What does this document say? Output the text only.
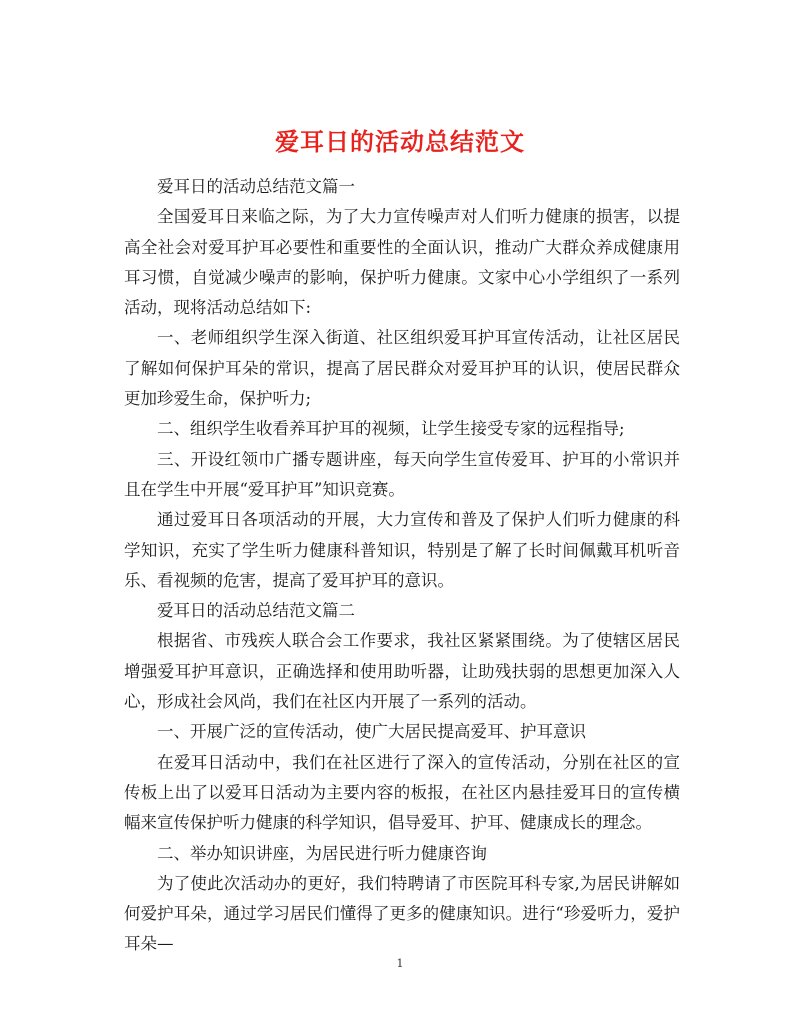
爱耳日的活动总结范文

爱耳日的活动总结范文篇一

全国爱耳日来临之际，为了大力宣传噪声对人们听力健康的损害，以提高全社会对爱耳护耳必要性和重要性的全面认识，推动广大群众养成健康用耳习惯，自觉减少噪声的影响，保护听力健康。文家中心小学组织了一系列活动，现将活动总结如下:

一、老师组织学生深入街道、社区组织爱耳护耳宣传活动，让社区居民了解如何保护耳朵的常识，提高了居民群众对爱耳护耳的认识，使居民群众更加珍爱生命，保护听力;

二、组织学生收看养耳护耳的视频，让学生接受专家的远程指导;

三、开设红领巾广播专题讲座，每天向学生宣传爱耳、护耳的小常识并且在学生中开展“爱耳护耳”知识竞赛。

通过爱耳日各项活动的开展，大力宣传和普及了保护人们听力健康的科学知识，充实了学生听力健康科普知识，特别是了解了长时间佩戴耳机听音乐、看视频的危害，提高了爱耳护耳的意识。

爱耳日的活动总结范文篇二

根据省、市残疾人联合会工作要求，我社区紧紧围绕。为了使辖区居民增强爱耳护耳意识，正确选择和使用助听器，让助残扶弱的思想更加深入人心，形成社会风尚，我们在社区内开展了一系列的活动。

一、开展广泛的宣传活动，使广大居民提高爱耳、护耳意识

在爱耳日活动中，我们在社区进行了深入的宣传活动，分别在社区的宣传板上出了以爱耳日活动为主要内容的板报，在社区内悬挂爱耳日的宣传横幅来宣传保护听力健康的科学知识，倡导爱耳、护耳、健康成长的理念。

二、举办知识讲座，为居民进行听力健康咨询

为了使此次活动办的更好，我们特聘请了市医院耳科专家,为居民讲解如何爱护耳朵，通过学习居民们懂得了更多的健康知识。进行“珍爱听力，爱护耳朵—

1
